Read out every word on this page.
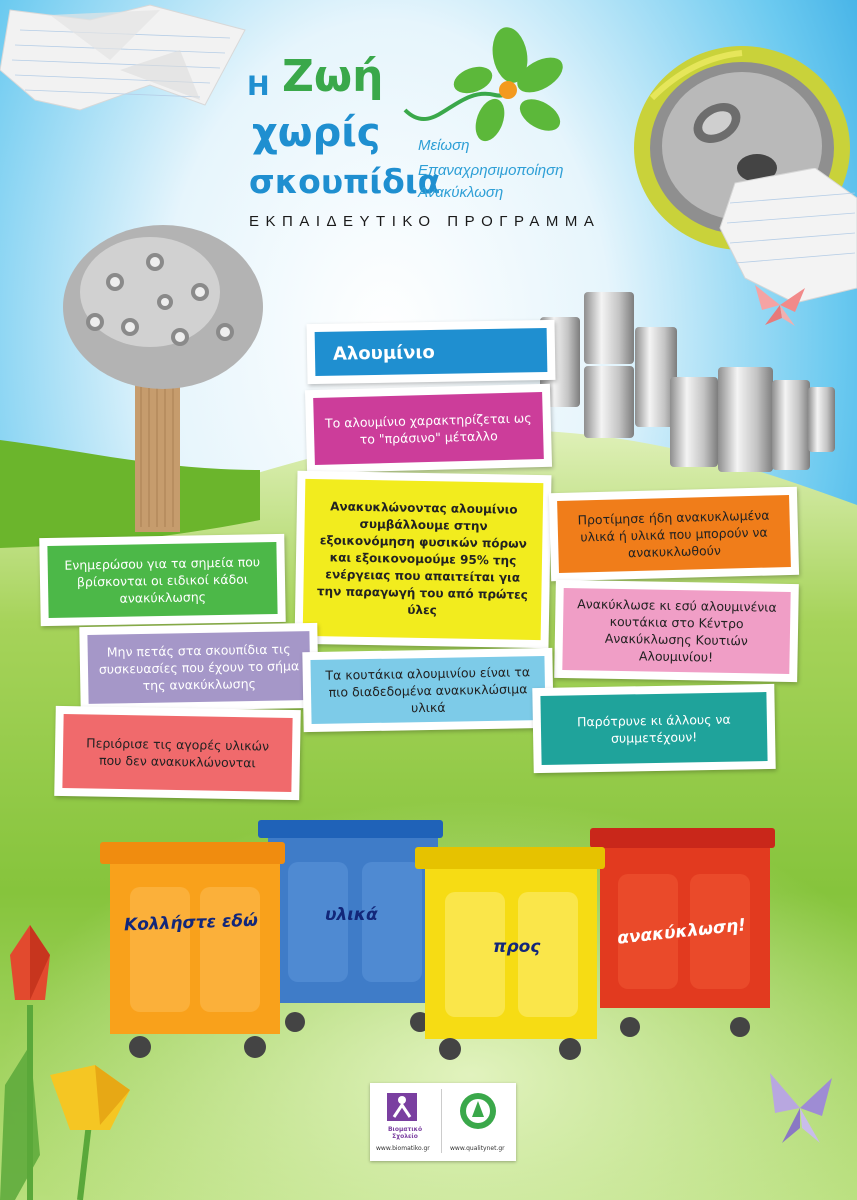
Η Ζωή
χωρίς
σκουπίδια
Μείωση
Επαναχρησιμοποίηση
Ανακύκλωση
ΕΚΠΑΙΔΕΥΤΙΚΟ ΠΡΟΓΡΑΜΜΑ
Αλουμίνιο
Το αλουμίνιο χαρακτηρίζεται ως το "πράσινο" μέταλλο
Ανακυκλώνοντας αλουμίνιο συμβάλλουμε στην εξοικονόμηση φυσικών πόρων και εξοικονομούμε 95% της ενέργειας που απαιτείται για την παραγωγή του από πρώτες ύλες
Προτίμησε ήδη ανακυκλωμένα υλικά ή υλικά που μπορούν να ανακυκλωθούν
Ενημερώσου για τα σημεία που βρίσκονται οι ειδικοί κάδοι ανακύκλωσης	Ανακύκλωσε κι εσύ αλουμινένια κουτάκια στο Κέντρο Ανακύκλωσης Κουτιών Αλουμινίου!
Μην πετάς στα σκουπίδια τις συσκευασίες που έχουν το σήμα της ανακύκλωσης
Τα κουτάκια αλουμινίου είναι τα πιο διαδεδομένα ανακυκλώσιμα υλικά
Παρότρυνε κι άλλους να συμμετέχουν!
Περιόρισε τις αγορές υλικών που δεν ανακυκλώνονται
Κολλήστε εδώ	υλικά
προς	ανακύκλωση!
Βιοματικό Σχολείο
www.biomatiko.gr	www.qualitynet.gr
